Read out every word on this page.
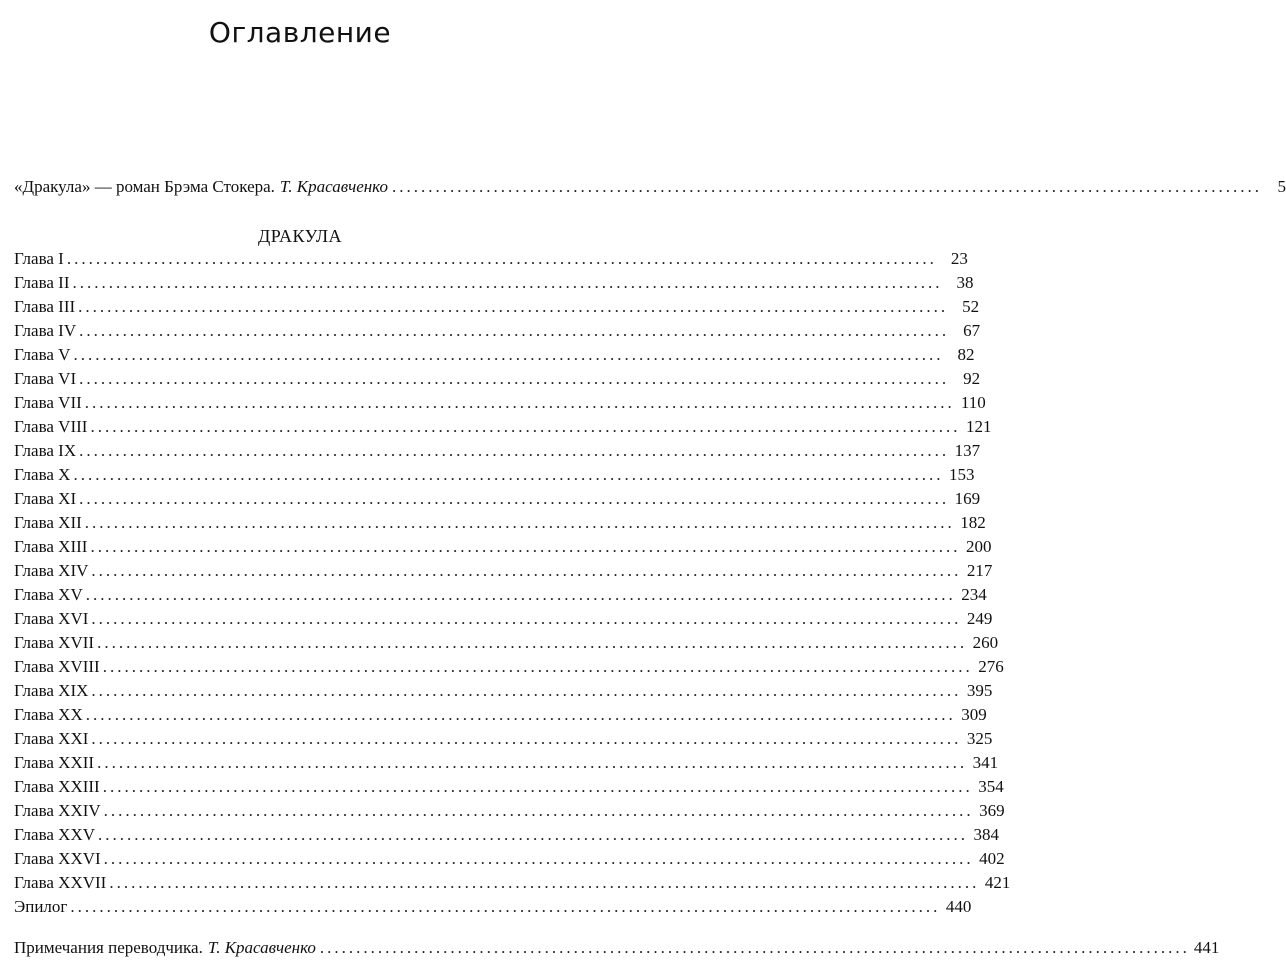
Оглавление
«Дракула» — роман Брэма Стокера. Т. Красавченко ........................................................................................................................ 5
ДРАКУЛА
Глава I ........................................................................................................................ 23
Глава II ........................................................................................................................ 38
Глава III ........................................................................................................................ 52
Глава IV ........................................................................................................................ 67
Глава V ........................................................................................................................ 82
Глава VI ........................................................................................................................ 92
Глава VII ........................................................................................................................ 110
Глава VIII ........................................................................................................................ 121
Глава IX ........................................................................................................................ 137
Глава X ........................................................................................................................ 153
Глава XI ........................................................................................................................ 169
Глава XII ........................................................................................................................ 182
Глава XIII ........................................................................................................................ 200
Глава XIV ........................................................................................................................ 217
Глава XV ........................................................................................................................ 234
Глава XVI ........................................................................................................................ 249
Глава XVII ........................................................................................................................ 260
Глава XVIII ........................................................................................................................ 276
Глава XIX ........................................................................................................................ 395
Глава XX ........................................................................................................................ 309
Глава XXI ........................................................................................................................ 325
Глава XXII ........................................................................................................................ 341
Глава XXIII ........................................................................................................................ 354
Глава XXIV ........................................................................................................................ 369
Глава XXV ........................................................................................................................ 384
Глава XXVI ........................................................................................................................ 402
Глава XXVII ........................................................................................................................ 421
Эпилог ........................................................................................................................ 440
Примечания переводчика. Т. Красавченко ........................................................................................................................ 441
